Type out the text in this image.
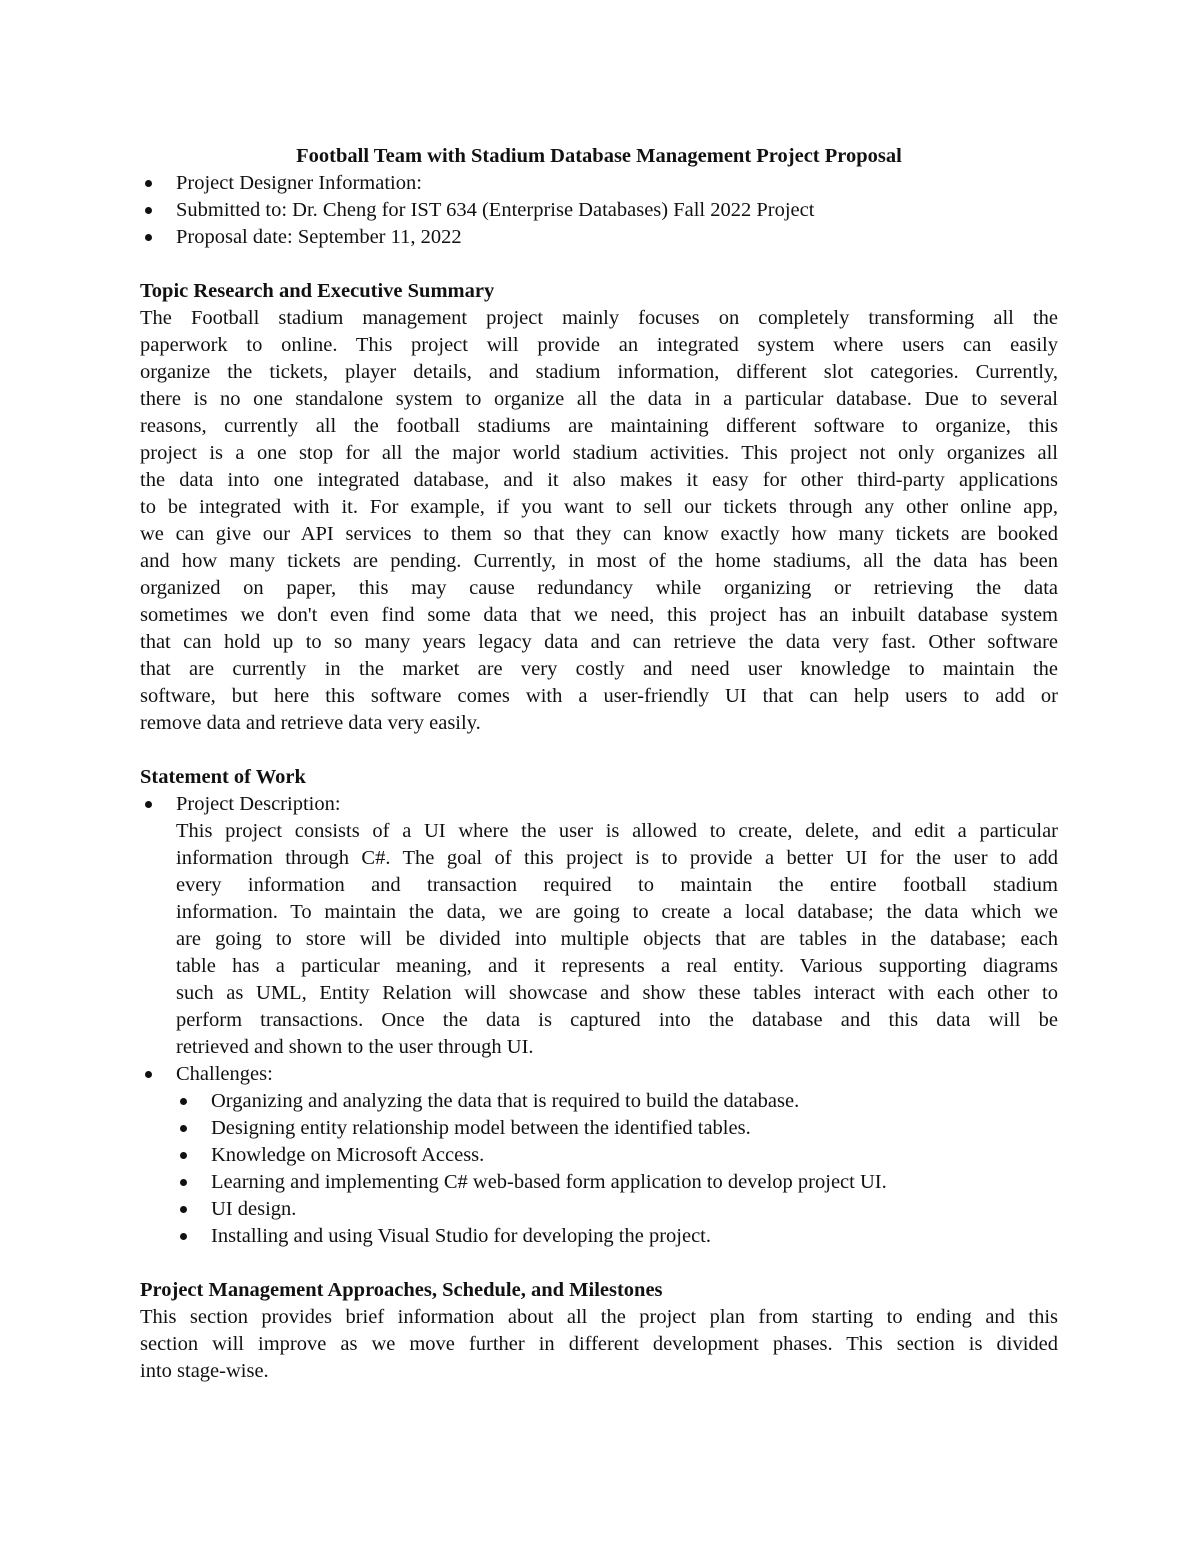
Football Team with Stadium Database Management Project Proposal
Project Designer Information:
Submitted to: Dr. Cheng for IST 634 (Enterprise Databases) Fall 2022 Project
Proposal date: September 11, 2022
Topic Research and Executive Summary
The Football stadium management project mainly focuses on completely transforming all the
paperwork to online. This project will provide an integrated system where users can easily
organize the tickets, player details, and stadium information, different slot categories. Currently,
there is no one standalone system to organize all the data in a particular database. Due to several
reasons, currently all the football stadiums are maintaining different software to organize, this
project is a one stop for all the major world stadium activities. This project not only organizes all
the data into one integrated database, and it also makes it easy for other third-party applications
to be integrated with it. For example, if you want to sell our tickets through any other online app,
we can give our API services to them so that they can know exactly how many tickets are booked
and how many tickets are pending. Currently, in most of the home stadiums, all the data has been
organized on paper, this may cause redundancy while organizing or retrieving the data
sometimes we don't even find some data that we need, this project has an inbuilt database system
that can hold up to so many years legacy data and can retrieve the data very fast. Other software
that are currently in the market are very costly and need user knowledge to maintain the
software, but here this software comes with a user-friendly UI that can help users to add or
remove data and retrieve data very easily.
Statement of Work
Project Description:
This project consists of a UI where the user is allowed to create, delete, and edit a particular
information through C#. The goal of this project is to provide a better UI for the user to add
every information and transaction required to maintain the entire football stadium
information. To maintain the data, we are going to create a local database; the data which we
are going to store will be divided into multiple objects that are tables in the database; each
table has a particular meaning, and it represents a real entity. Various supporting diagrams
such as UML, Entity Relation will showcase and show these tables interact with each other to
perform transactions. Once the data is captured into the database and this data will be
retrieved and shown to the user through UI.
Challenges:
Organizing and analyzing the data that is required to build the database.
Designing entity relationship model between the identified tables.
Knowledge on Microsoft Access.
Learning and implementing C# web-based form application to develop project UI.
UI design.
Installing and using Visual Studio for developing the project.
Project Management Approaches, Schedule, and Milestones
This section provides brief information about all the project plan from starting to ending and this
section will improve as we move further in different development phases. This section is divided
into stage-wise.
